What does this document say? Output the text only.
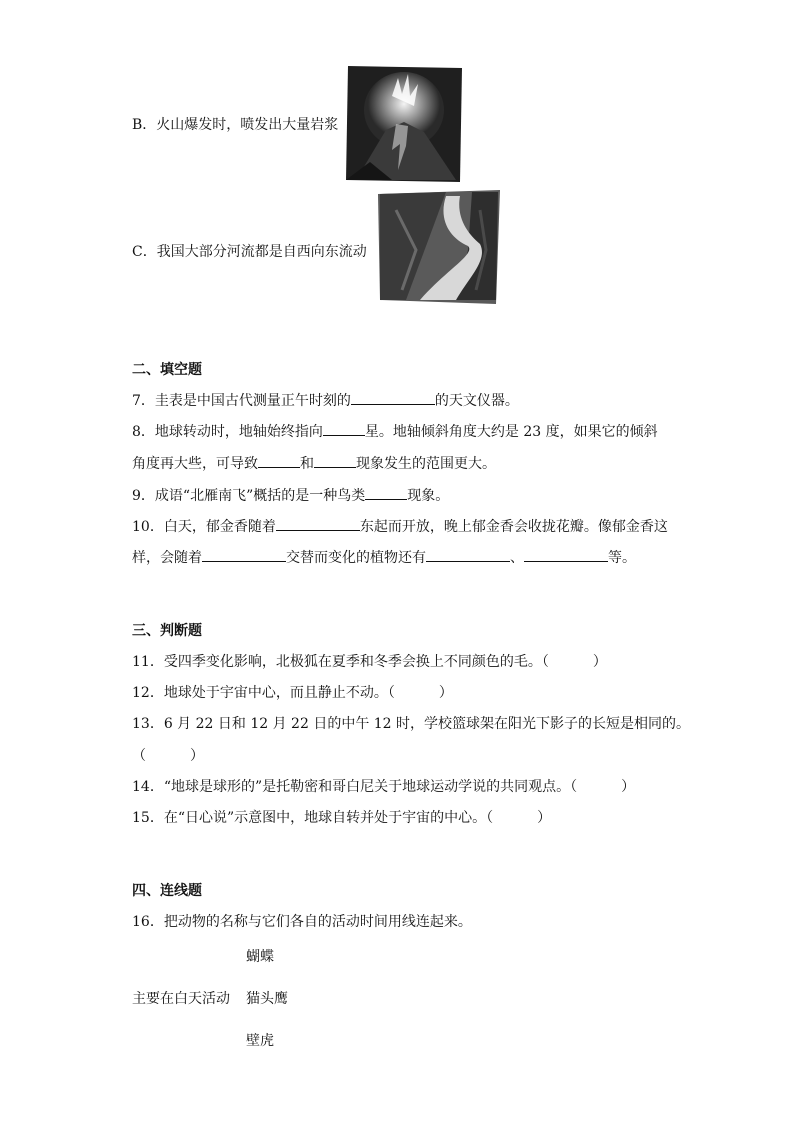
B．火山爆发时，喷发出大量岩浆
C．我国大部分河流都是自西向东流动
二、填空题
7．圭表是中国古代测量正午时刻的	的天文仪器。
8．地球转动时，地轴始终指向	星。地轴倾斜角度大约是 23 度，如果它的倾斜
角度再大些，可导致	和	现象发生的范围更大。
9．成语“北雁南飞”概括的是一种鸟类	现象。
10．白天，郁金香随着	东起而开放，晚上郁金香会收拢花瓣。像郁金香这
样，会随着	交替而变化的植物还有	、	等。
三、判断题
11．受四季变化影响，北极狐在夏季和冬季会换上不同颜色的毛。（	）
12．地球处于宇宙中心，而且静止不动。（	）
13．6 月 22 日和 12 月 22 日的中午 12 时，学校篮球架在阳光下影子的长短是相同的。
（	）
14．“地球是球形的”是托勒密和哥白尼关于地球运动学说的共同观点。（	）
15．在“日心说”示意图中，地球自转并处于宇宙的中心。（	）
四、连线题
16．把动物的名称与它们各自的活动时间用线连起来。
蝴蝶
主要在白天活动 猫头鹰
壁虎
